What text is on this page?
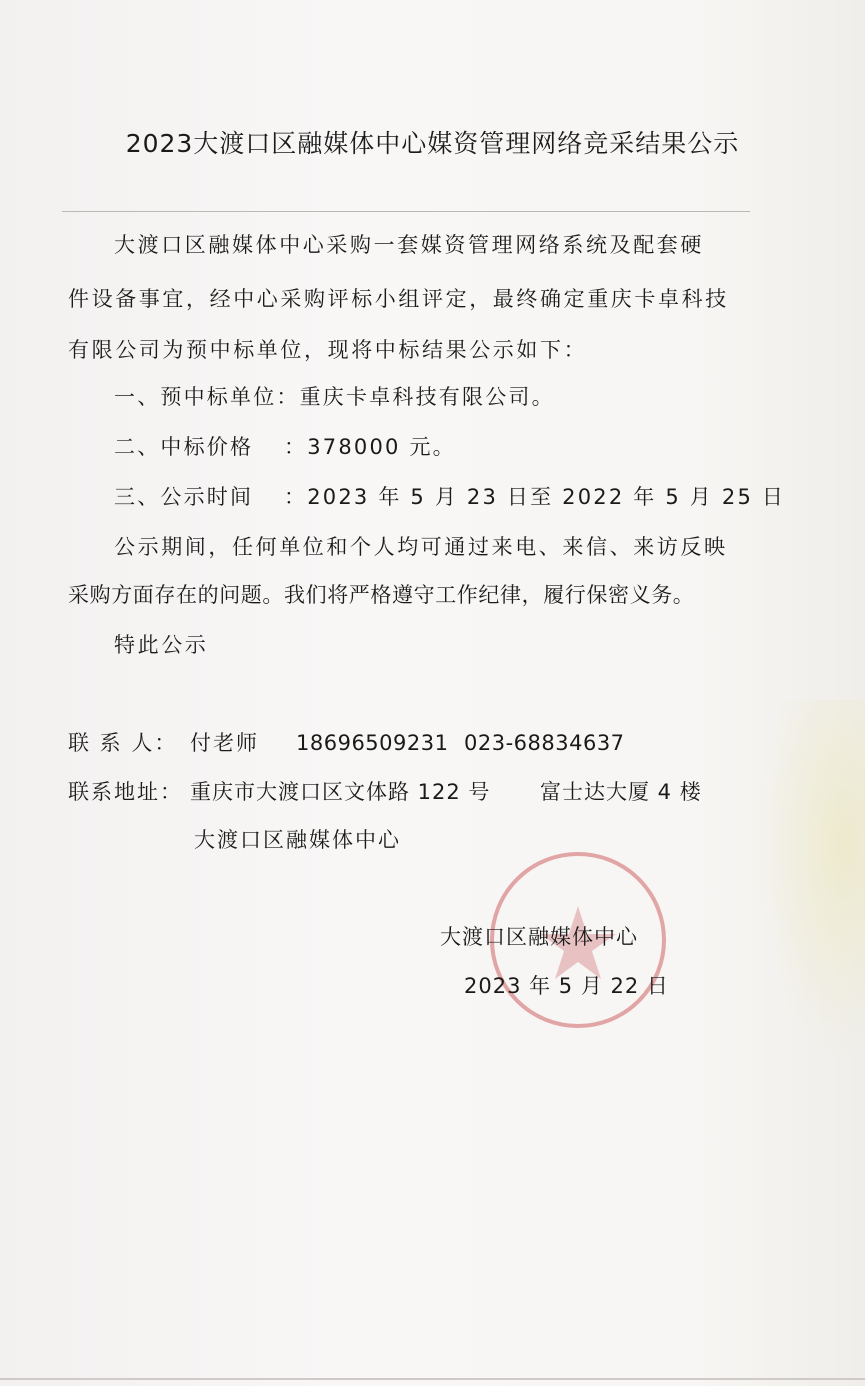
2023大渡口区融媒体中心媒资管理网络竞采结果公示
大渡口区融媒体中心采购一套媒资管理网络系统及配套硬
件设备事宜，经中心采购评标小组评定，最终确定重庆卡卓科技
有限公司为预中标单位，现将中标结果公示如下：
一、预中标单位：重庆卡卓科技有限公司。
二、中标价格 ：378000 元。
三、公示时间 ：2023 年 5 月 23 日至 2022 年 5 月 25 日
公示期间，任何单位和个人均可通过来电、来信、来访反映
采购方面存在的问题。我们将严格遵守工作纪律，履行保密义务。
特此公示
联 系 人： 付老师 18696509231 023-68834637
联系地址： 重庆市大渡口区文体路 122 号 富士达大厦 4 楼
大渡口区融媒体中心
大渡口区融媒体中心
2023 年 5 月 22 日
